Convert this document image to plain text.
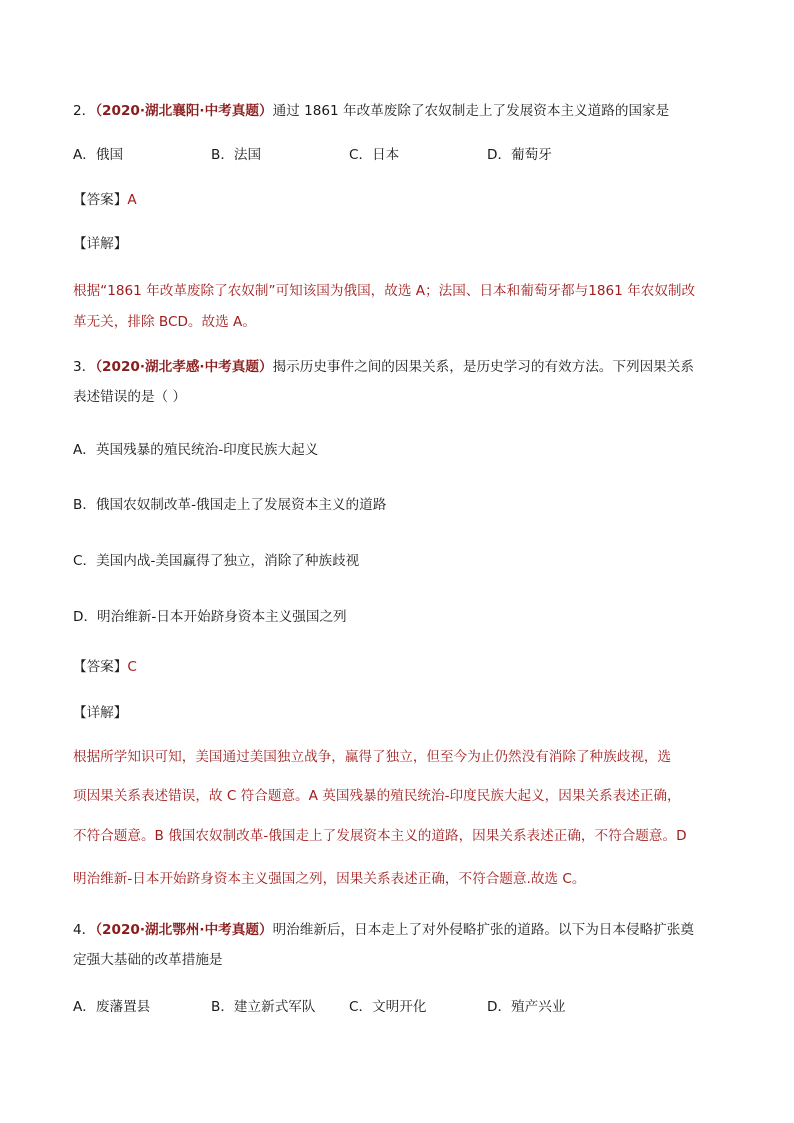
2．（2020·湖北襄阳·中考真题）通过 1861 年改革废除了农奴制走上了发展资本主义道路的国家是
A．俄国	B．法国	C．日本	D．葡萄牙
【答案】A
【详解】
根据“1861 年改革废除了农奴制”可知该国为俄国，故选 A；法国、日本和葡萄牙都与1861 年农奴制改
革无关，排除 BCD。故选 A。
3．（2020·湖北孝感·中考真题）揭示历史事件之间的因果关系，是历史学习的有效方法。下列因果关系
表述错误的是（ ）
A．英国残暴的殖民统治-印度民族大起义
B．俄国农奴制改革-俄国走上了发展资本主义的道路
C．美国内战-美国赢得了独立，消除了种族歧视
D．明治维新-日本开始跻身资本主义强国之列
【答案】C
【详解】
根据所学知识可知，美国通过美国独立战争，赢得了独立，但至今为止仍然没有消除了种族歧视，选
项因果关系表述错误，故 C 符合题意。A 英国残暴的殖民统治-印度民族大起义，因果关系表述正确，
不符合题意。B 俄国农奴制改革-俄国走上了发展资本主义的道路，因果关系表述正确，不符合题意。D
明治维新-日本开始跻身资本主义强国之列，因果关系表述正确，不符合题意.故选 C。
4．（2020·湖北鄂州·中考真题）明治维新后，日本走上了对外侵略扩张的道路。以下为日本侵略扩张奠
定强大基础的改革措施是
A．废藩置县	B．建立新式军队 C．文明开化	D．殖产兴业
